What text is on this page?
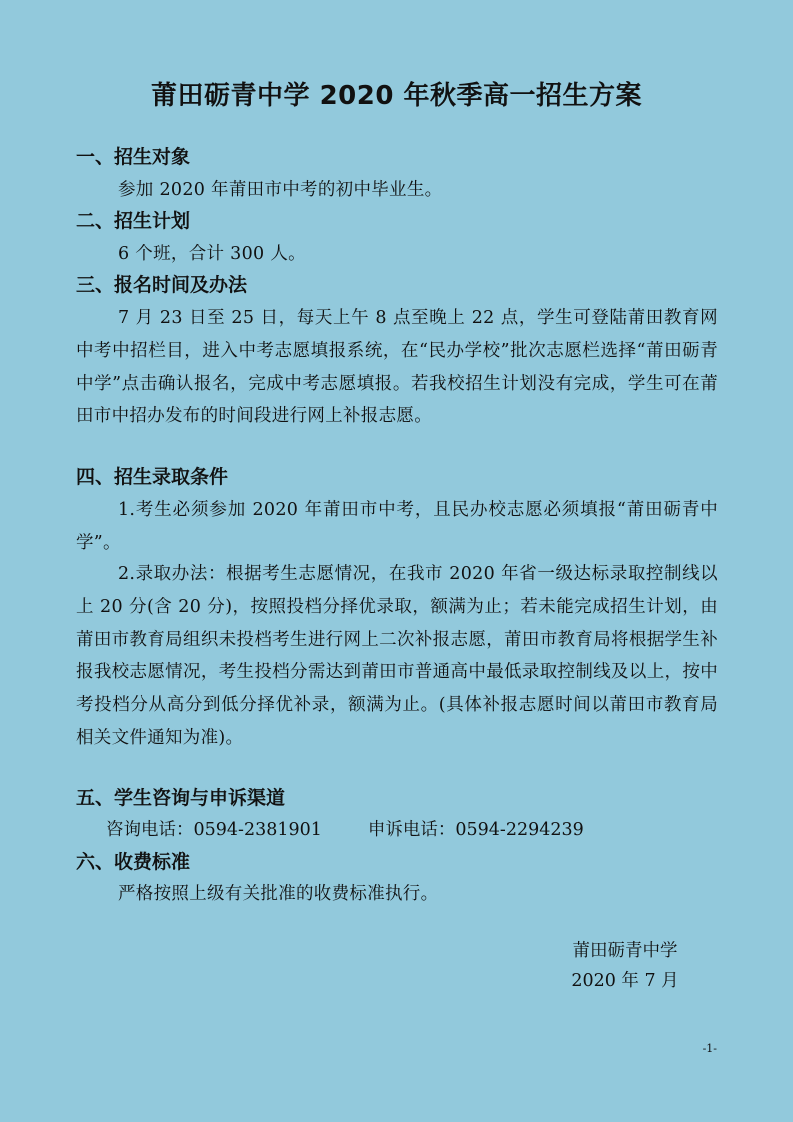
莆田砺青中学 2020 年秋季高一招生方案
一、招生对象

参加 2020 年莆田市中考的初中毕业生。

二、招生计划

6 个班，合计 300 人。

三、报名时间及办法

7 月 23 日至 25 日，每天上午 8 点至晚上 22 点，学生可登陆莆田教育网中考中招栏目，进入中考志愿填报系统，在“民办学校”批次志愿栏选择“莆田砺青中学”点击确认报名，完成中考志愿填报。若我校招生计划没有完成，学生可在莆田市中招办发布的时间段进行网上补报志愿。

四、招生录取条件

1.考生必须参加 2020 年莆田市中考，且民办校志愿必须填报“莆田砺青中学”。

2.录取办法：根据考生志愿情况，在我市 2020 年省一级达标录取控制线以上 20 分(含 20 分)，按照投档分择优录取，额满为止；若未能完成招生计划，由莆田市教育局组织未投档考生进行网上二次补报志愿，莆田市教育局将根据学生补报我校志愿情况，考生投档分需达到莆田市普通高中最低录取控制线及以上，按中考投档分从高分到低分择优补录，额满为止。(具体补报志愿时间以莆田市教育局相关文件通知为准)。

五、学生咨询与申诉渠道
咨询电话：0594-2381901	申诉电话：0594-2294239
六、收费标准

严格按照上级有关批准的收费标准执行。

莆田砺青中学

2020 年 7 月

-1-
